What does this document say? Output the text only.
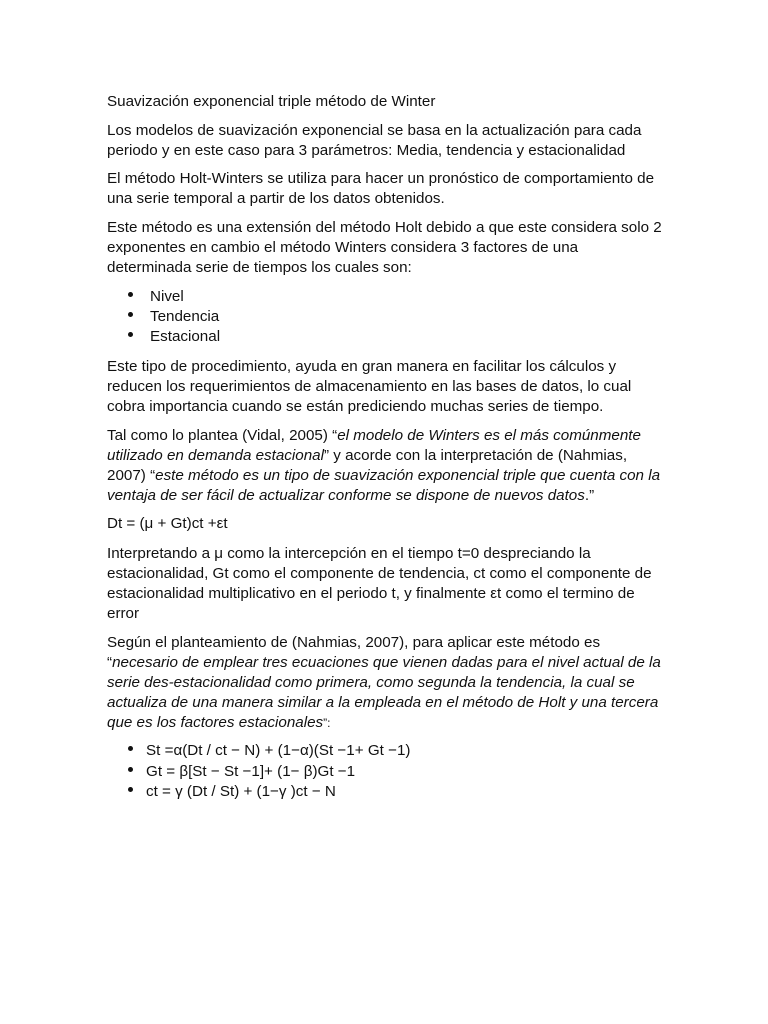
Suavización exponencial triple método de Winter

Los modelos de suavización exponencial se basa en la actualización para cada
periodo y en este caso para 3 parámetros: Media, tendencia y estacionalidad

El método Holt-Winters se utiliza para hacer un pronóstico de comportamiento de
una serie temporal a partir de los datos obtenidos.

Este método es una extensión del método Holt debido a que este considera solo 2
exponentes en cambio el método Winters considera 3 factores de una
determinada serie de tiempos los cuales son:

Nivel
Tendencia
Estacional

Este tipo de procedimiento, ayuda en gran manera en facilitar los cálculos y
reducen los requerimientos de almacenamiento en las bases de datos, lo cual
cobra importancia cuando se están prediciendo muchas series de tiempo.

Tal como lo plantea (Vidal, 2005) “el modelo de Winters es el más comúnmente
utilizado en demanda estacional” y acorde con la interpretación de (Nahmias,
2007) “este método es un tipo de suavización exponencial triple que cuenta con la
ventaja de ser fácil de actualizar conforme se dispone de nuevos datos.”

Dt = (μ + Gt)ct +εt

Interpretando a μ como la intercepción en el tiempo t=0 despreciando la
estacionalidad, Gt como el componente de tendencia, ct como el componente de
estacionalidad multiplicativo en el periodo t, y finalmente εt como el termino de
error

Según el planteamiento de (Nahmias, 2007), para aplicar este método es
“necesario de emplear tres ecuaciones que vienen dadas para el nivel actual de la
serie des-estacionalidad como primera, como segunda la tendencia, la cual se
actualiza de una manera similar a la empleada en el método de Holt y una tercera
que es los factores estacionales”:

St =α(Dt / ct − N) + (1−α)(St −1+ Gt −1)
Gt = β[St − St −1]+ (1− β)Gt −1
ct = γ (Dt / St) + (1−γ )ct − N
